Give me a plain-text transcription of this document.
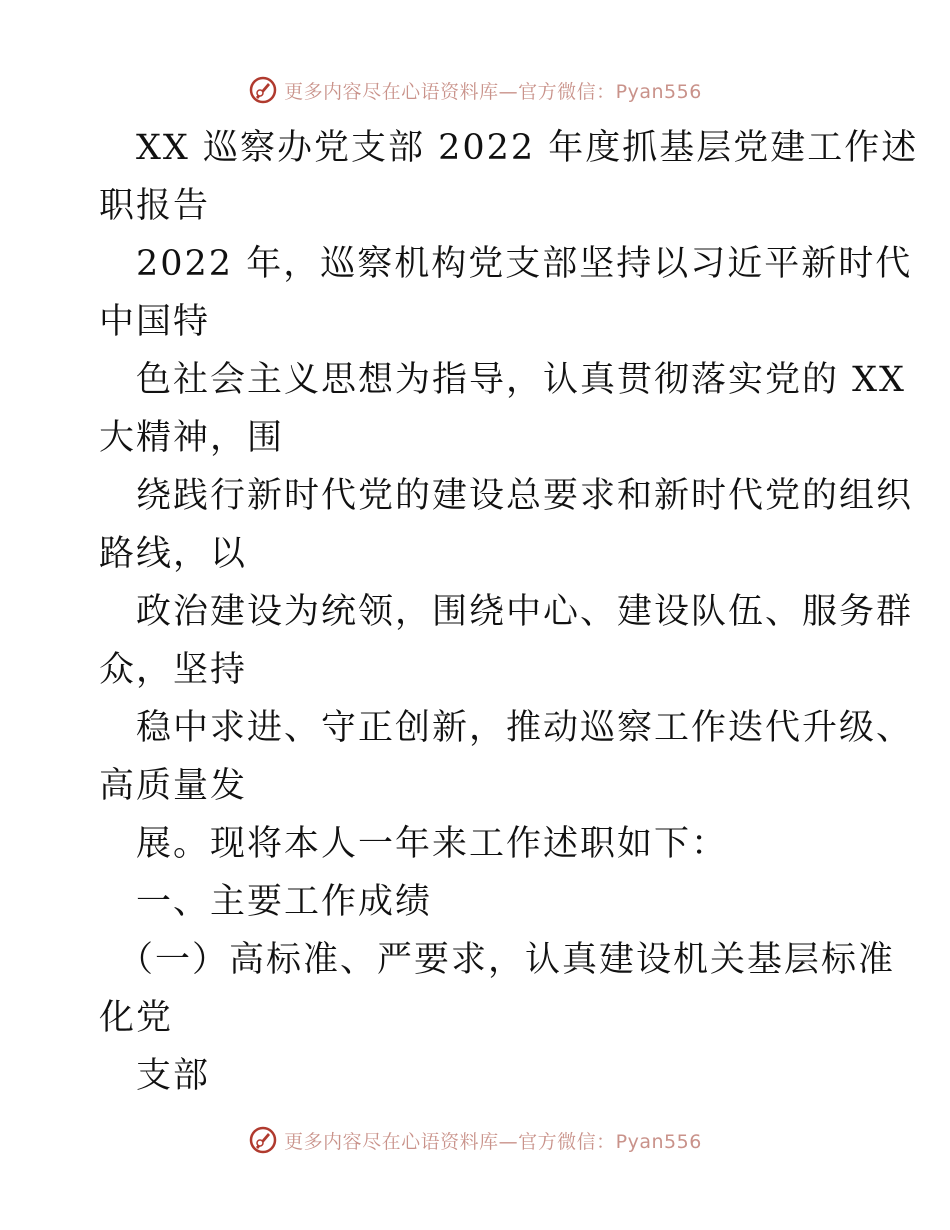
更多内容尽在心语资料库—官方微信：Pyan556
XX 巡察办党支部 2022 年度抓基层党建工作述
职报告
2022 年，巡察机构党支部坚持以习近平新时代
中国特
色社会主义思想为指导，认真贯彻落实党的 XX
大精神，围
绕践行新时代党的建设总要求和新时代党的组织
路线，以
政治建设为统领，围绕中心、建设队伍、服务群
众，坚持
稳中求进、守正创新，推动巡察工作迭代升级、
高质量发
展。现将本人一年来工作述职如下：
一、主要工作成绩
（一）高标准、严要求，认真建设机关基层标准
化党
支部
更多内容尽在心语资料库—官方微信：Pyan556
